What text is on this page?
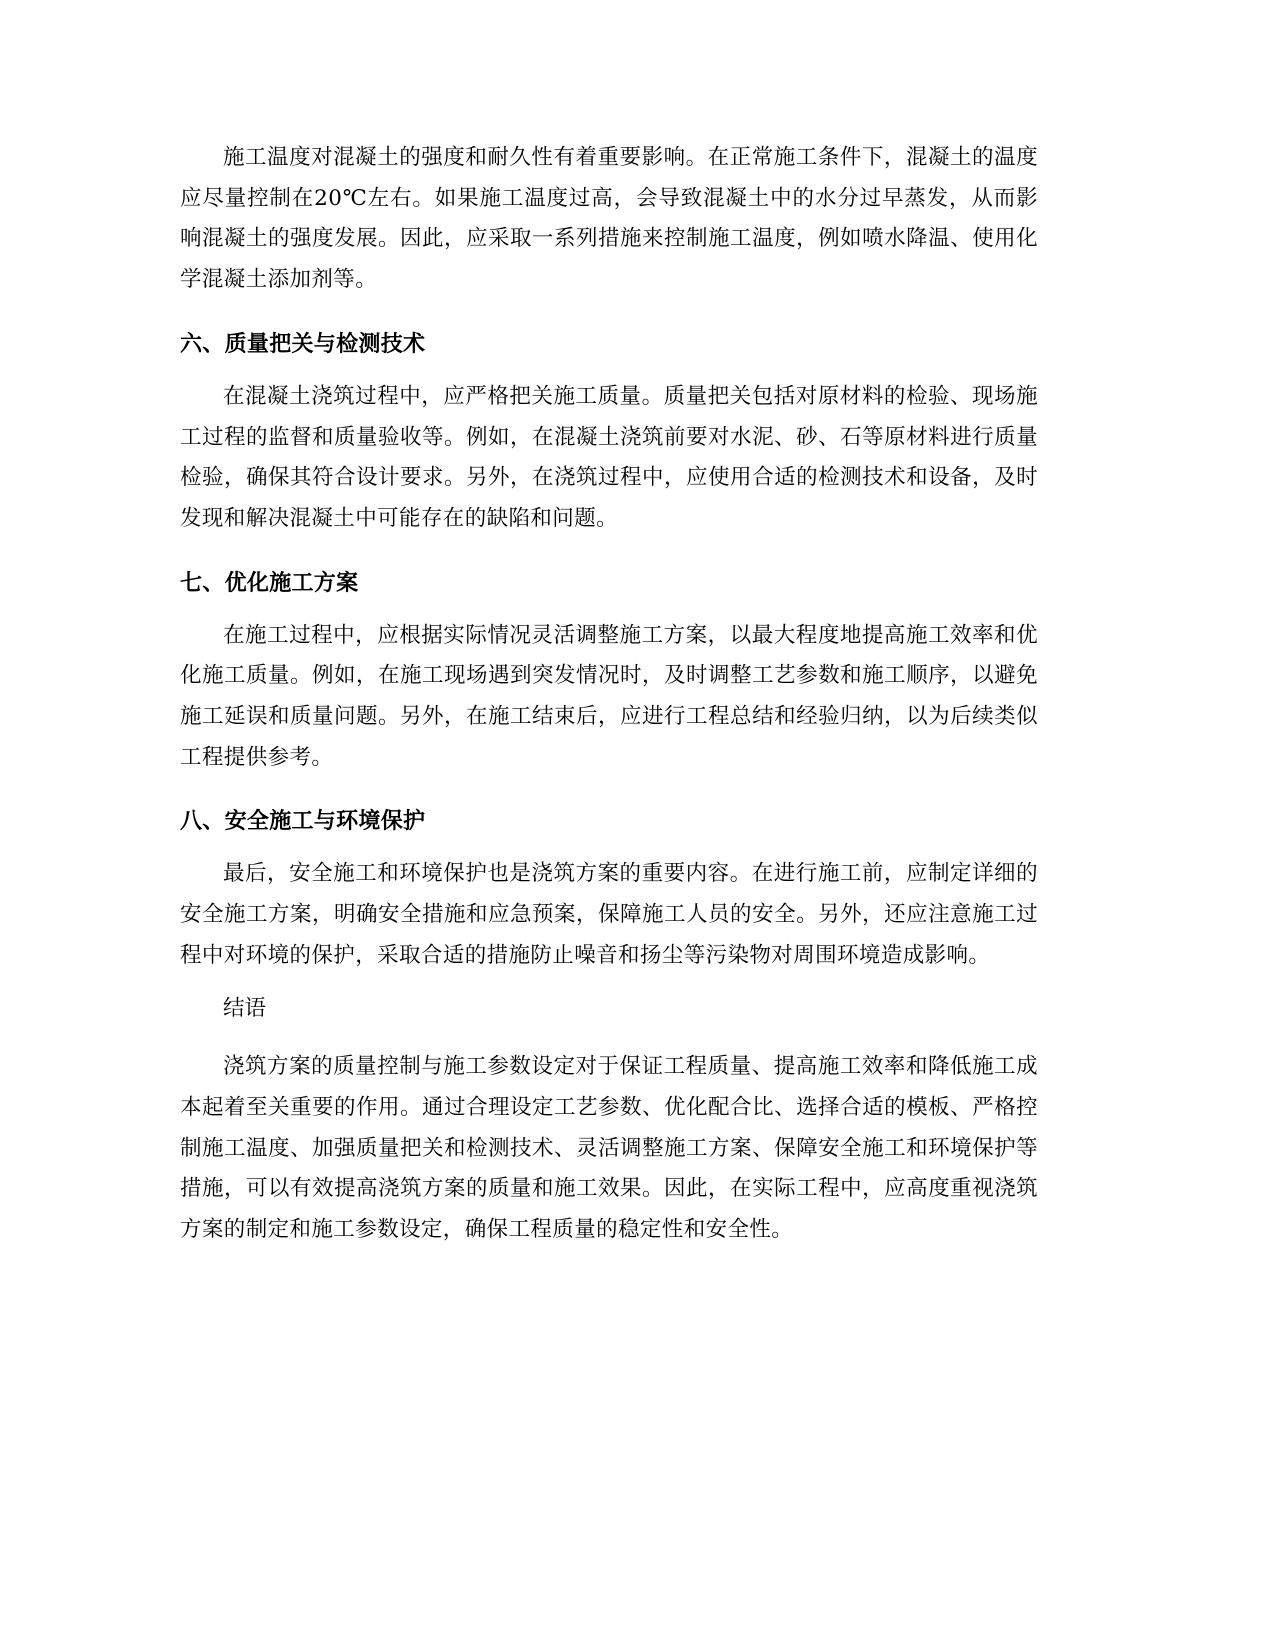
施工温度对混凝土的强度和耐久性有着重要影响。在正常施工条件下，混凝土的温度应尽量控制在20℃左右。如果施工温度过高，会导致混凝土中的水分过早蒸发，从而影响混凝土的强度发展。因此，应采取一系列措施来控制施工温度，例如喷水降温、使用化学混凝土添加剂等。

六、质量把关与检测技术

在混凝土浇筑过程中，应严格把关施工质量。质量把关包括对原材料的检验、现场施工过程的监督和质量验收等。例如，在混凝土浇筑前要对水泥、砂、石等原材料进行质量检验，确保其符合设计要求。另外，在浇筑过程中，应使用合适的检测技术和设备，及时发现和解决混凝土中可能存在的缺陷和问题。

七、优化施工方案

在施工过程中，应根据实际情况灵活调整施工方案，以最大程度地提高施工效率和优化施工质量。例如，在施工现场遇到突发情况时，及时调整工艺参数和施工顺序，以避免施工延误和质量问题。另外，在施工结束后，应进行工程总结和经验归纳，以为后续类似工程提供参考。

八、安全施工与环境保护

最后，安全施工和环境保护也是浇筑方案的重要内容。在进行施工前，应制定详细的安全施工方案，明确安全措施和应急预案，保障施工人员的安全。另外，还应注意施工过程中对环境的保护，采取合适的措施防止噪音和扬尘等污染物对周围环境造成影响。

结语

浇筑方案的质量控制与施工参数设定对于保证工程质量、提高施工效率和降低施工成本起着至关重要的作用。通过合理设定工艺参数、优化配合比、选择合适的模板、严格控制施工温度、加强质量把关和检测技术、灵活调整施工方案、保障安全施工和环境保护等措施，可以有效提高浇筑方案的质量和施工效果。因此，在实际工程中，应高度重视浇筑方案的制定和施工参数设定，确保工程质量的稳定性和安全性。
